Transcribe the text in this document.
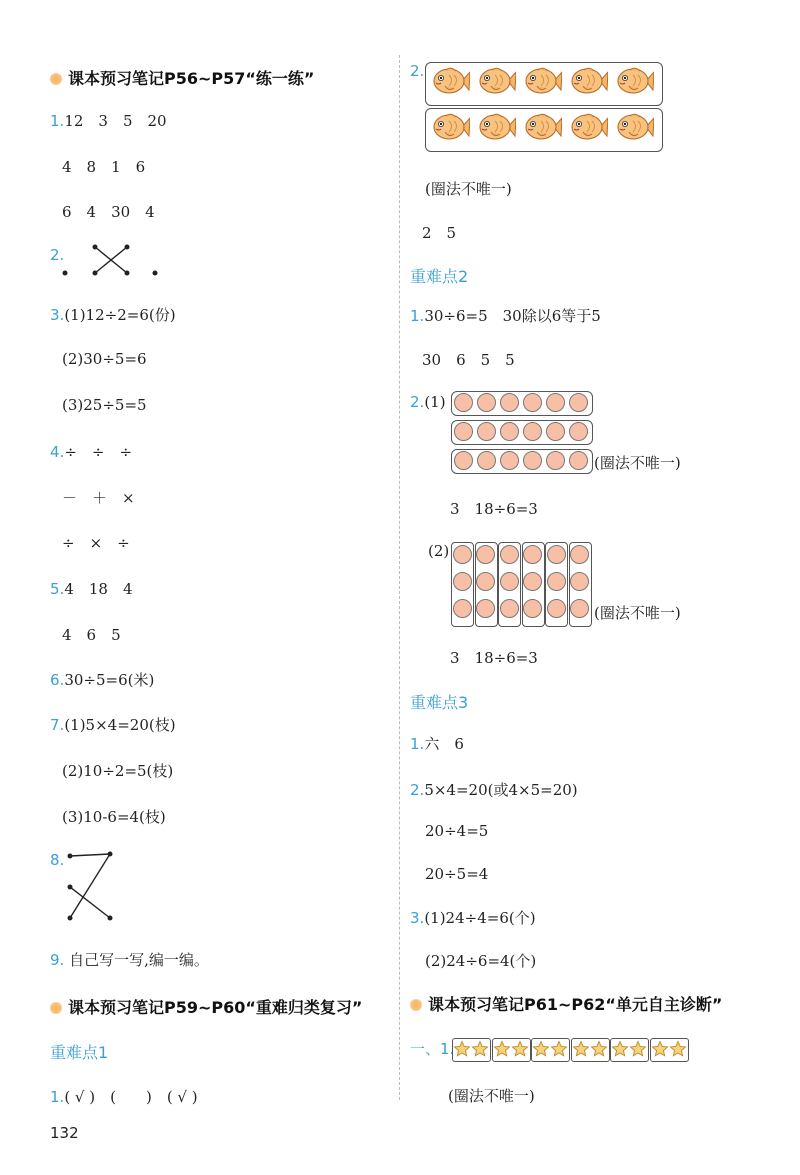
课本预习笔记P56~P57“练一练”
1.12　3　5　20
4　8　1　6
6　4　30　4
2.
3.(1)12÷2=6(份)
(2)30÷5=6
(3)25÷5=5
4.÷　÷　÷
－　＋　×
÷　×　÷
5.4　18　4
4　6　5
6.30÷5=6(米)
7.(1)5×4=20(枝)
(2)10÷2=5(枝)
(3)10-6=4(枝)
8.
9. 自己写一写,编一编。
课本预习笔记P59~P60“重难归类复习”
重难点1
1.( √ )　(　　)　( √ )
132
2.
(圈法不唯一)
2　5
重难点2
1.30÷6=5　30除以6等于5
30　6　5　5
2.(1)
(圈法不唯一)
3　18÷6=3
(2)
(圈法不唯一)
3　18÷6=3
重难点3
1.六　6
2.5×4=20(或4×5=20)
20÷4=5
20÷5=4
3.(1)24÷4=6(个)
(2)24÷6=4(个)
课本预习笔记P61~P62“单元自主诊断”
一、1.
(圈法不唯一)
